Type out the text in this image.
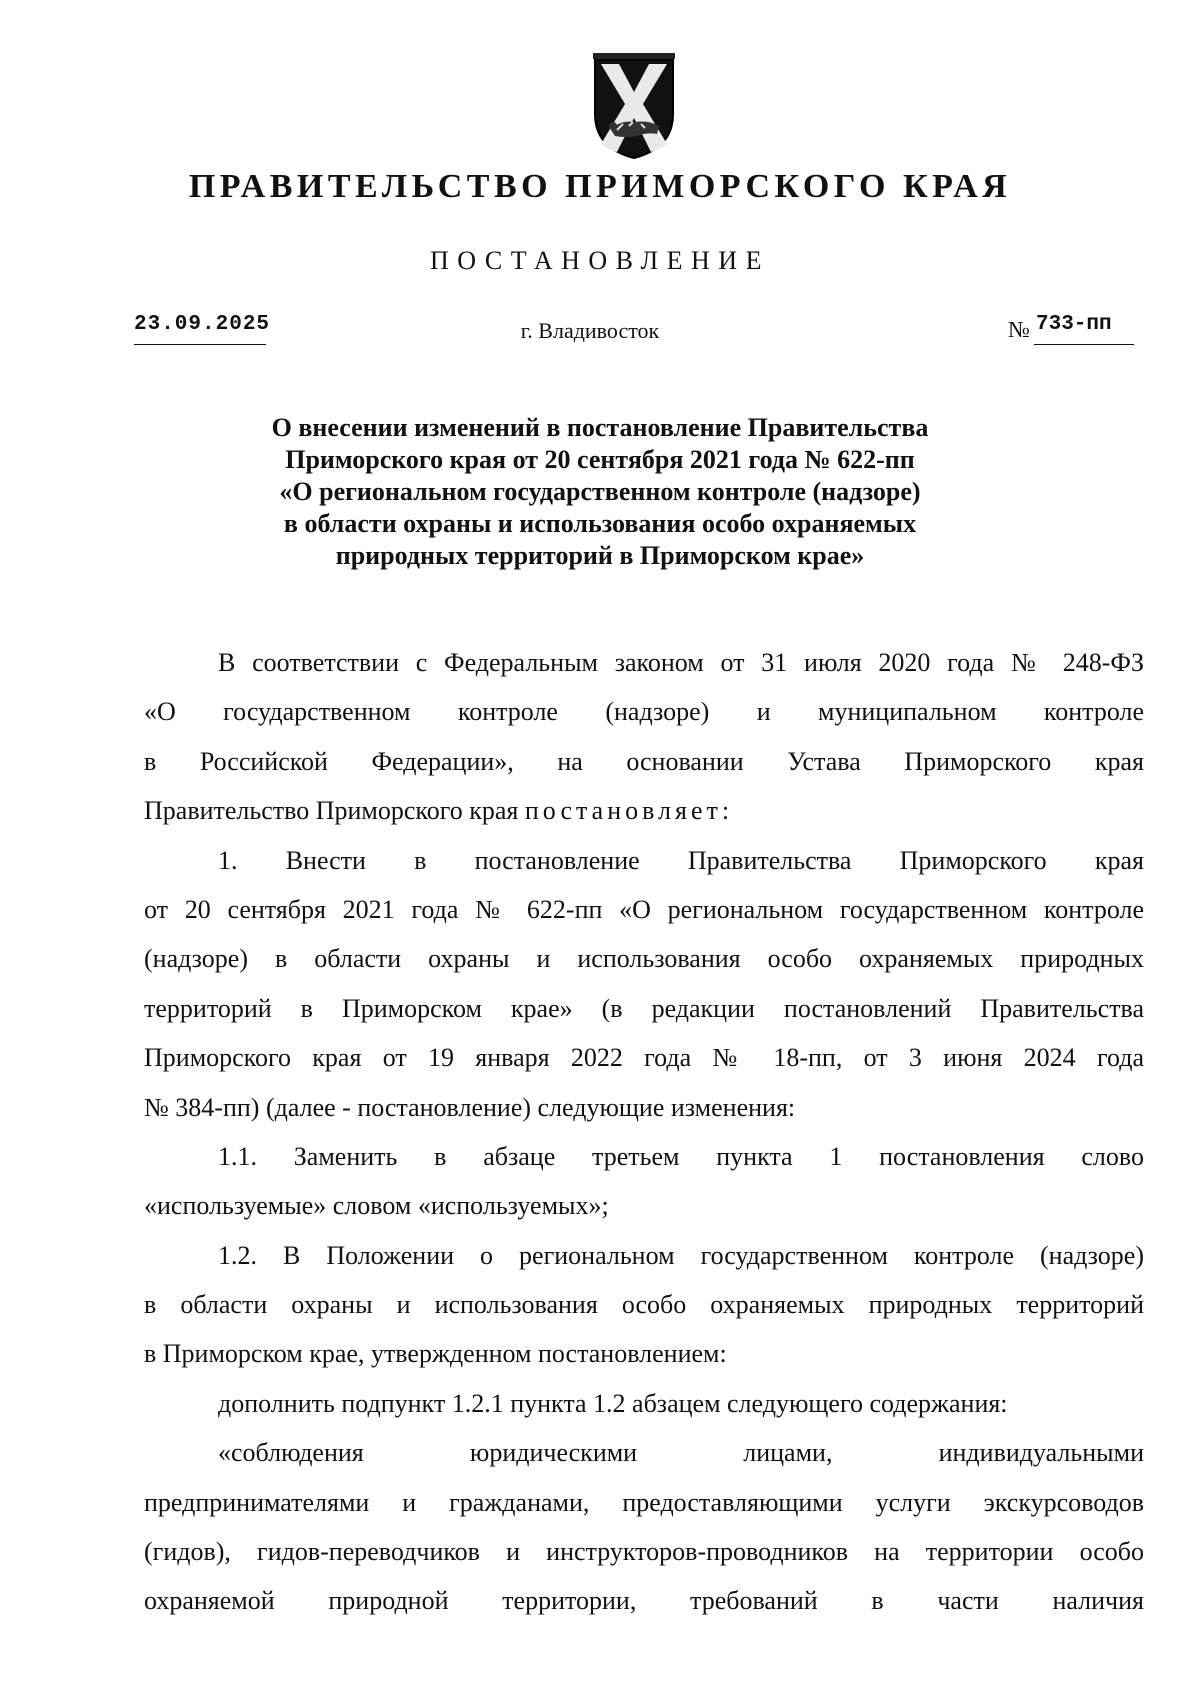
ПРАВИТЕЛЬСТВО ПРИМОРСКОГО КРАЯ
ПОСТАНОВЛЕНИЕ
23.09.2025	г. Владивосток	№ 733-пп
О внесении изменений в постановление Правительства
Приморского края от 20 сентября 2021 года № 622-пп
«О региональном государственном контроле (надзоре)
в области охраны и использования особо охраняемых
природных территорий в Приморском крае»
В соответствии с Федеральным законом от 31 июля 2020 года № 248-ФЗ
«О государственном контроле (надзоре) и муниципальном контроле
в Российской Федерации», на основании Устава Приморского края
Правительство Приморского края постановляет:
1. Внести в постановление Правительства Приморского края
от 20 сентября 2021 года № 622-пп «О региональном государственном контроле
(надзоре) в области охраны и использования особо охраняемых природных
территорий в Приморском крае» (в редакции постановлений Правительства
Приморского края от 19 января 2022 года № 18-пп, от 3 июня 2024 года
№ 384-пп) (далее - постановление) следующие изменения:
1.1. Заменить в абзаце третьем пункта 1 постановления слово
«используемые» словом «используемых»;
1.2. В Положении о региональном государственном контроле (надзоре)
в области охраны и использования особо охраняемых природных территорий
в Приморском крае, утвержденном постановлением:
дополнить подпункт 1.2.1 пункта 1.2 абзацем следующего содержания:
«соблюдения юридическими лицами, индивидуальными
предпринимателями и гражданами, предоставляющими услуги экскурсоводов
(гидов), гидов-переводчиков и инструкторов-проводников на территории особо
охраняемой природной территории, требований в части наличия
